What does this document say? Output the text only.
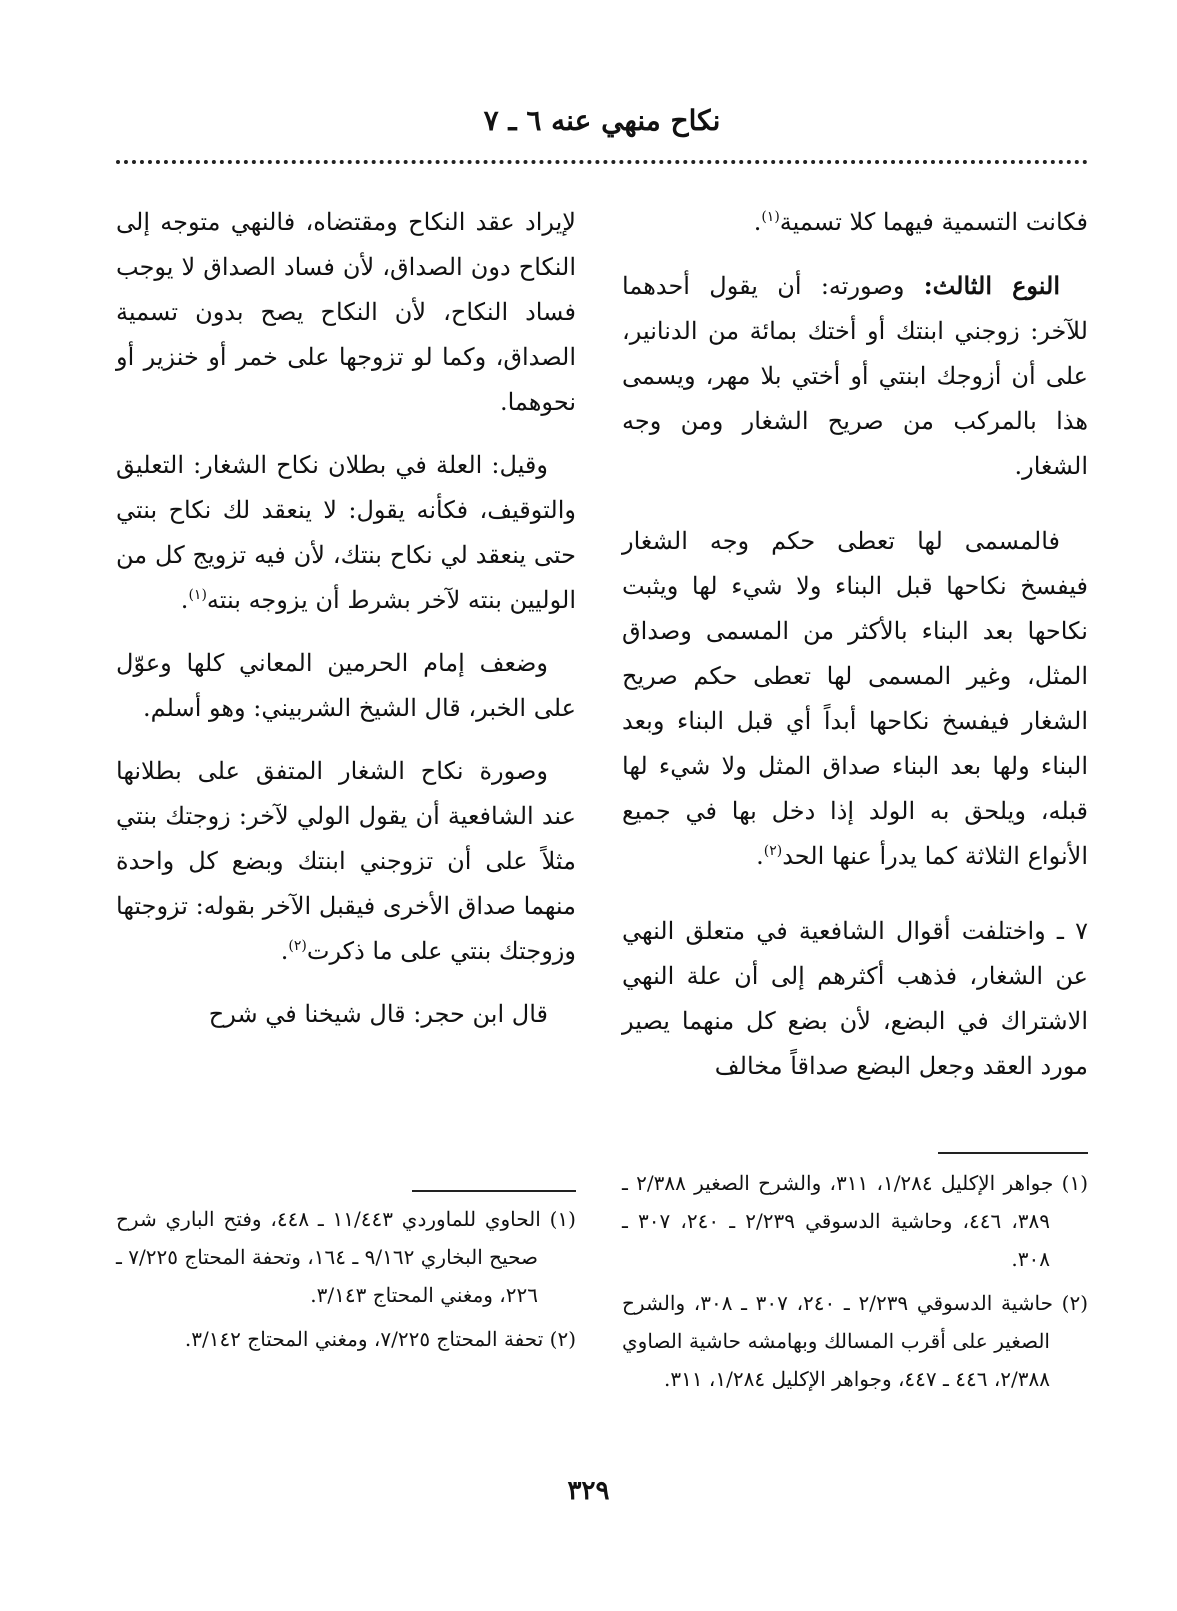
نكاح منهي عنه ٦ ـ ٧

فكانت التسمية فيهما كلا تسمية$^{(١)}$.

النوع الثالث: وصورته: أن يقول أحدهما للآخر: زوجني ابنتك أو أختك بمائة من الدنانير، على أن أزوجك ابنتي أو أختي بلا مهر، ويسمى هذا بالمركب من صريح الشغار ومن وجه الشغار.

فالمسمى لها تعطى حكم وجه الشغار فيفسخ نكاحها قبل البناء ولا شيء لها ويثبت نكاحها بعد البناء بالأكثر من المسمى وصداق المثل، وغير المسمى لها تعطى حكم صريح الشغار فيفسخ نكاحها أبداً أي قبل البناء وبعد البناء ولها بعد البناء صداق المثل ولا شيء لها قبله، ويلحق به الولد إذا دخل بها في جميع الأنواع الثلاثة كما يدرأ عنها الحد$^{(٢)}$.

٧ ـ واختلفت أقوال الشافعية في متعلق النهي عن الشغار، فذهب أكثرهم إلى أن علة النهي الاشتراك في البضع، لأن بضع كل منهما يصير مورد العقد وجعل البضع صداقاً مخالف

لإيراد عقد النكاح ومقتضاه، فالنهي متوجه إلى النكاح دون الصداق، لأن فساد الصداق لا يوجب فساد النكاح، لأن النكاح يصح بدون تسمية الصداق، وكما لو تزوجها على خمر أو خنزير أو نحوهما.

وقيل: العلة في بطلان نكاح الشغار: التعليق والتوقيف، فكأنه يقول: لا ينعقد لك نكاح بنتي حتى ينعقد لي نكاح بنتك، لأن فيه تزويج كل من الوليين بنته لآخر بشرط أن يزوجه بنته$^{(١)}$.

وضعف إمام الحرمين المعاني كلها وعوّل على الخبر، قال الشيخ الشربيني: وهو أسلم.

وصورة نكاح الشغار المتفق على بطلانها عند الشافعية أن يقول الولي لآخر: زوجتك بنتي مثلاً على أن تزوجني ابنتك وبضع كل واحدة منهما صداق الأخرى فيقبل الآخر بقوله: تزوجتها وزوجتك بنتي على ما ذكرت$^{(٢)}$.

قال ابن حجر: قال شيخنا في شرح

(١) جواهر الإكليل ١/٢٨٤، ٣١١، والشرح الصغير ٢/٣٨٨ ـ ٣٨٩، ٤٤٦، وحاشية الدسوقي ٢/٢٣٩ ـ ٢٤٠، ٣٠٧ ـ ٣٠٨.

(٢) حاشية الدسوقي ٢/٢٣٩ ـ ٢٤٠، ٣٠٧ ـ ٣٠٨، والشرح الصغير على أقرب المسالك وبهامشه حاشية الصاوي ٢/٣٨٨، ٤٤٦ ـ ٤٤٧، وجواهر الإكليل ١/٢٨٤، ٣١١.

(١) الحاوي للماوردي ١١/٤٤٣ ـ ٤٤٨، وفتح الباري شرح صحيح البخاري ٩/١٦٢ ـ ١٦٤، وتحفة المحتاج ٧/٢٢٥ ـ ٢٢٦، ومغني المحتاج ٣/١٤٣.

(٢) تحفة المحتاج ٧/٢٢٥، ومغني المحتاج ٣/١٤٢.

٣٢٩
